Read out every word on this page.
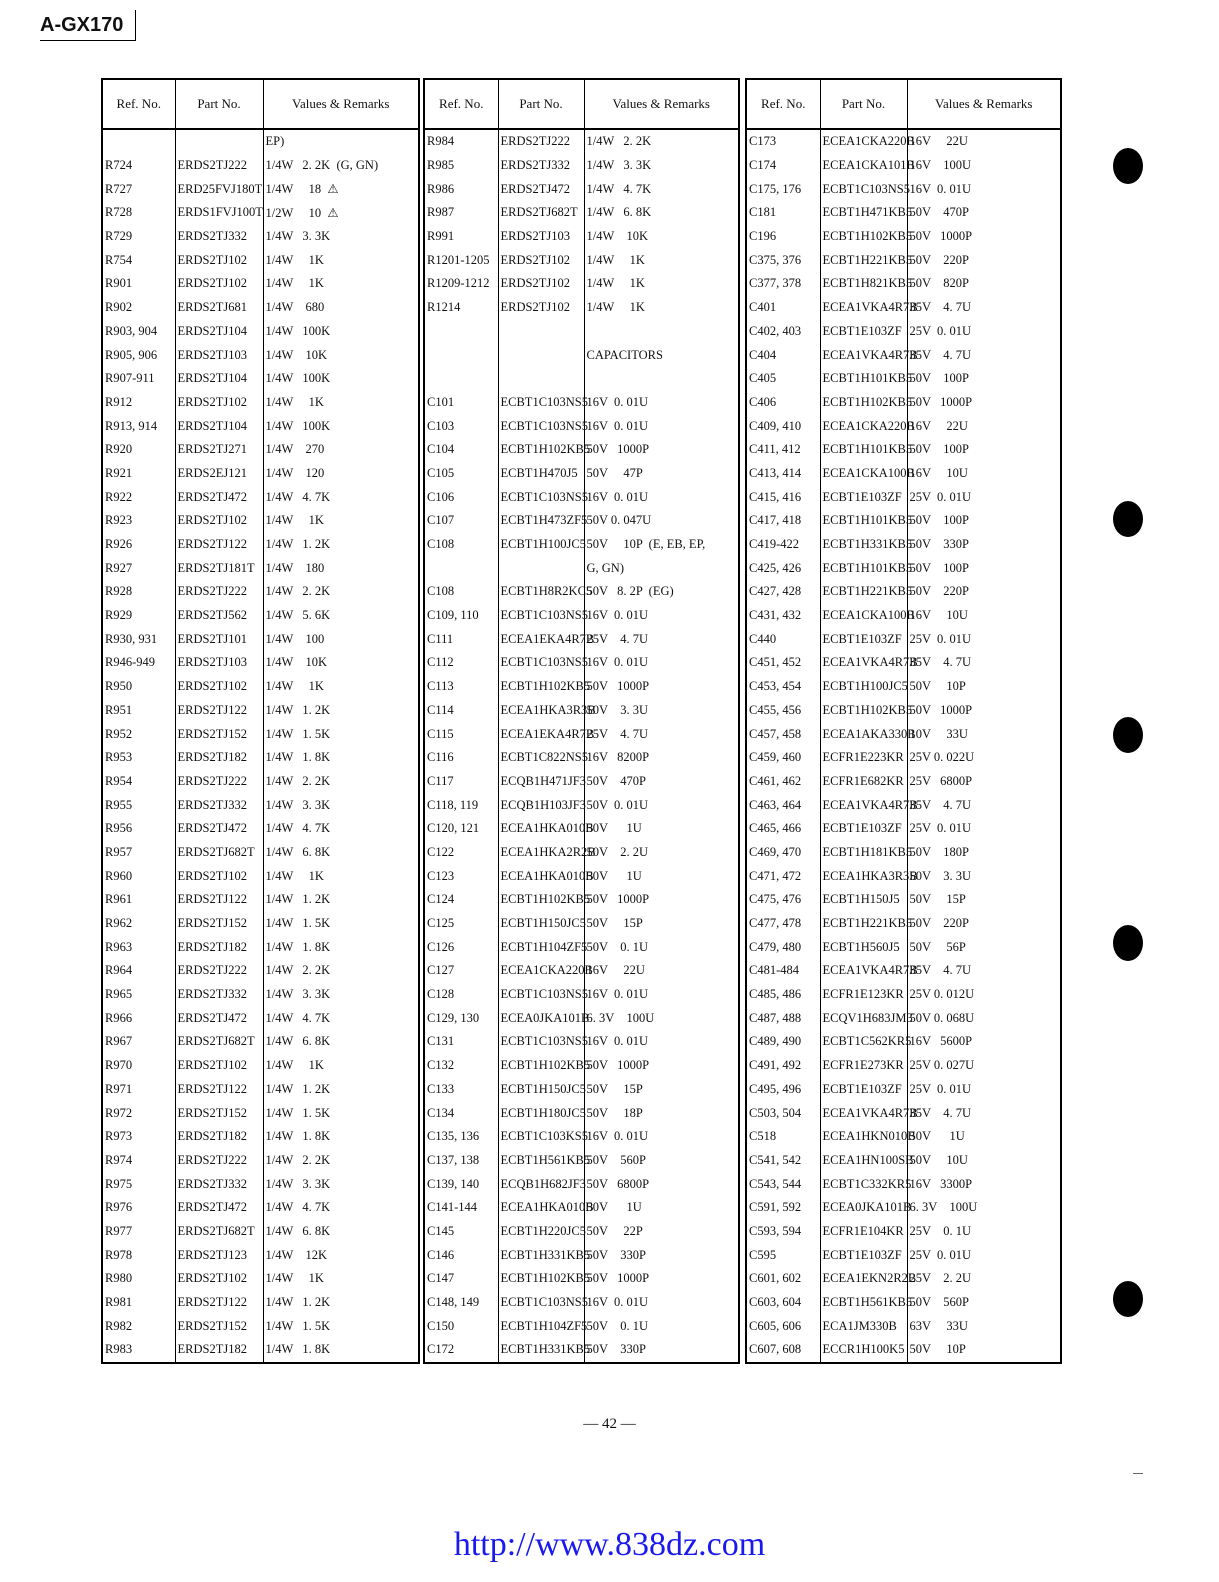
A-GX170
Ref. No.	Part No.	Values & Remarks
		EP)
R724	ERDS2TJ222	1/4W   2. 2K  (G, GN)
R727	ERD25FVJ180T	1/4W     18  ⚠
R728	ERDS1FVJ100T	1/2W     10  ⚠
R729	ERDS2TJ332	1/4W   3. 3K
R754	ERDS2TJ102	1/4W     1K
R901	ERDS2TJ102	1/4W     1K
R902	ERDS2TJ681	1/4W    680
R903, 904	ERDS2TJ104	1/4W   100K
R905, 906	ERDS2TJ103	1/4W    10K
R907-911	ERDS2TJ104	1/4W   100K
R912	ERDS2TJ102	1/4W     1K
R913, 914	ERDS2TJ104	1/4W   100K
R920	ERDS2TJ271	1/4W    270
R921	ERDS2EJ121	1/4W    120
R922	ERDS2TJ472	1/4W   4. 7K
R923	ERDS2TJ102	1/4W     1K
R926	ERDS2TJ122	1/4W   1. 2K
R927	ERDS2TJ181T	1/4W    180
R928	ERDS2TJ222	1/4W   2. 2K
R929	ERDS2TJ562	1/4W   5. 6K
R930, 931	ERDS2TJ101	1/4W    100
R946-949	ERDS2TJ103	1/4W    10K
R950	ERDS2TJ102	1/4W     1K
R951	ERDS2TJ122	1/4W   1. 2K
R952	ERDS2TJ152	1/4W   1. 5K
R953	ERDS2TJ182	1/4W   1. 8K
R954	ERDS2TJ222	1/4W   2. 2K
R955	ERDS2TJ332	1/4W   3. 3K
R956	ERDS2TJ472	1/4W   4. 7K
R957	ERDS2TJ682T	1/4W   6. 8K
R960	ERDS2TJ102	1/4W     1K
R961	ERDS2TJ122	1/4W   1. 2K
R962	ERDS2TJ152	1/4W   1. 5K
R963	ERDS2TJ182	1/4W   1. 8K
R964	ERDS2TJ222	1/4W   2. 2K
R965	ERDS2TJ332	1/4W   3. 3K
R966	ERDS2TJ472	1/4W   4. 7K
R967	ERDS2TJ682T	1/4W   6. 8K
R970	ERDS2TJ102	1/4W     1K
R971	ERDS2TJ122	1/4W   1. 2K
R972	ERDS2TJ152	1/4W   1. 5K
R973	ERDS2TJ182	1/4W   1. 8K
R974	ERDS2TJ222	1/4W   2. 2K
R975	ERDS2TJ332	1/4W   3. 3K
R976	ERDS2TJ472	1/4W   4. 7K
R977	ERDS2TJ682T	1/4W   6. 8K
R978	ERDS2TJ123	1/4W    12K
R980	ERDS2TJ102	1/4W     1K
R981	ERDS2TJ122	1/4W   1. 2K
R982	ERDS2TJ152	1/4W   1. 5K
R983	ERDS2TJ182	1/4W   1. 8K
Ref. No.	Part No.	Values & Remarks
R984	ERDS2TJ222	1/4W   2. 2K
R985	ERDS2TJ332	1/4W   3. 3K
R986	ERDS2TJ472	1/4W   4. 7K
R987	ERDS2TJ682T	1/4W   6. 8K
R991	ERDS2TJ103	1/4W    10K
R1201-1205	ERDS2TJ102	1/4W     1K
R1209-1212	ERDS2TJ102	1/4W     1K
R1214	ERDS2TJ102	1/4W     1K

		CAPACITORS

C101	ECBT1C103NS5	16V  0. 01U
C103	ECBT1C103NS5	16V  0. 01U
C104	ECBT1H102KB5	50V   1000P
C105	ECBT1H470J5	50V     47P
C106	ECBT1C103NS5	16V  0. 01U
C107	ECBT1H473ZF5	50V 0. 047U
C108	ECBT1H100JC5	50V     10P  (E, EB, EP,
		G, GN)
C108	ECBT1H8R2KC5	50V   8. 2P  (EG)
C109, 110	ECBT1C103NS5	16V  0. 01U
C111	ECEA1EKA4R7B	25V    4. 7U
C112	ECBT1C103NS5	16V  0. 01U
C113	ECBT1H102KB5	50V   1000P
C114	ECEA1HKA3R3B	50V    3. 3U
C115	ECEA1EKA4R7B	25V    4. 7U
C116	ECBT1C822NS5	16V   8200P
C117	ECQB1H471JF3	50V    470P
C118, 119	ECQB1H103JF3	50V  0. 01U
C120, 121	ECEA1HKA010B	50V      1U
C122	ECEA1HKA2R2B	50V    2. 2U
C123	ECEA1HKA010B	50V      1U
C124	ECBT1H102KB5	50V   1000P
C125	ECBT1H150JC5	50V     15P
C126	ECBT1H104ZF5	50V    0. 1U
C127	ECEA1CKA220B	16V     22U
C128	ECBT1C103NS5	16V  0. 01U
C129, 130	ECEA0JKA101B	6. 3V    100U
C131	ECBT1C103NS5	16V  0. 01U
C132	ECBT1H102KB5	50V   1000P
C133	ECBT1H150JC5	50V     15P
C134	ECBT1H180JC5	50V     18P
C135, 136	ECBT1C103KS5	16V  0. 01U
C137, 138	ECBT1H561KB5	50V    560P
C139, 140	ECQB1H682JF3	50V   6800P
C141-144	ECEA1HKA010B	50V      1U
C145	ECBT1H220JC5	50V     22P
C146	ECBT1H331KB5	50V    330P
C147	ECBT1H102KB5	50V   1000P
C148, 149	ECBT1C103NS5	16V  0. 01U
C150	ECBT1H104ZF5	50V    0. 1U
C172	ECBT1H331KB5	50V    330P
Ref. No.	Part No.	Values & Remarks
C173	ECEA1CKA220B	16V     22U
C174	ECEA1CKA101B	16V    100U
C175, 176	ECBT1C103NS5	16V  0. 01U
C181	ECBT1H471KB5	50V    470P
C196	ECBT1H102KB5	50V   1000P
C375, 376	ECBT1H221KB5	50V    220P
C377, 378	ECBT1H821KB5	50V    820P
C401	ECEA1VKA4R7B	35V    4. 7U
C402, 403	ECBT1E103ZF	25V  0. 01U
C404	ECEA1VKA4R7B	35V    4. 7U
C405	ECBT1H101KB5	50V    100P
C406	ECBT1H102KB5	50V   1000P
C409, 410	ECEA1CKA220B	16V     22U
C411, 412	ECBT1H101KB5	50V    100P
C413, 414	ECEA1CKA100B	16V     10U
C415, 416	ECBT1E103ZF	25V  0. 01U
C417, 418	ECBT1H101KB5	50V    100P
C419-422	ECBT1H331KB5	50V    330P
C425, 426	ECBT1H101KB5	50V    100P
C427, 428	ECBT1H221KB5	50V    220P
C431, 432	ECEA1CKA100B	16V     10U
C440	ECBT1E103ZF	25V  0. 01U
C451, 452	ECEA1VKA4R7B	35V    4. 7U
C453, 454	ECBT1H100JC5	50V     10P
C455, 456	ECBT1H102KB5	50V   1000P
C457, 458	ECEA1AKA330B	10V     33U
C459, 460	ECFR1E223KR	25V 0. 022U
C461, 462	ECFR1E682KR	25V   6800P
C463, 464	ECEA1VKA4R7B	35V    4. 7U
C465, 466	ECBT1E103ZF	25V  0. 01U
C469, 470	ECBT1H181KB5	50V    180P
C471, 472	ECEA1HKA3R3B	50V    3. 3U
C475, 476	ECBT1H150J5	50V     15P
C477, 478	ECBT1H221KB5	50V    220P
C479, 480	ECBT1H560J5	50V     56P
C481-484	ECEA1VKA4R7B	35V    4. 7U
C485, 486	ECFR1E123KR	25V 0. 012U
C487, 488	ECQV1H683JM3	50V 0. 068U
C489, 490	ECBT1C562KR5	16V   5600P
C491, 492	ECFR1E273KR	25V 0. 027U
C495, 496	ECBT1E103ZF	25V  0. 01U
C503, 504	ECEA1VKA4R7B	35V    4. 7U
C518	ECEA1HKN010B	50V      1U
C541, 542	ECEA1HN100SB	50V     10U
C543, 544	ECBT1C332KR5	16V   3300P
C591, 592	ECEA0JKA101B	6. 3V    100U
C593, 594	ECFR1E104KR	25V    0. 1U
C595	ECBT1E103ZF	25V  0. 01U
C601, 602	ECEA1EKN2R2B	25V    2. 2U
C603, 604	ECBT1H561KB5	50V    560P
C605, 606	ECA1JM330B	63V     33U
C607, 608	ECCR1H100K5	50V     10P
— 42 —
http://www.838dz.com
